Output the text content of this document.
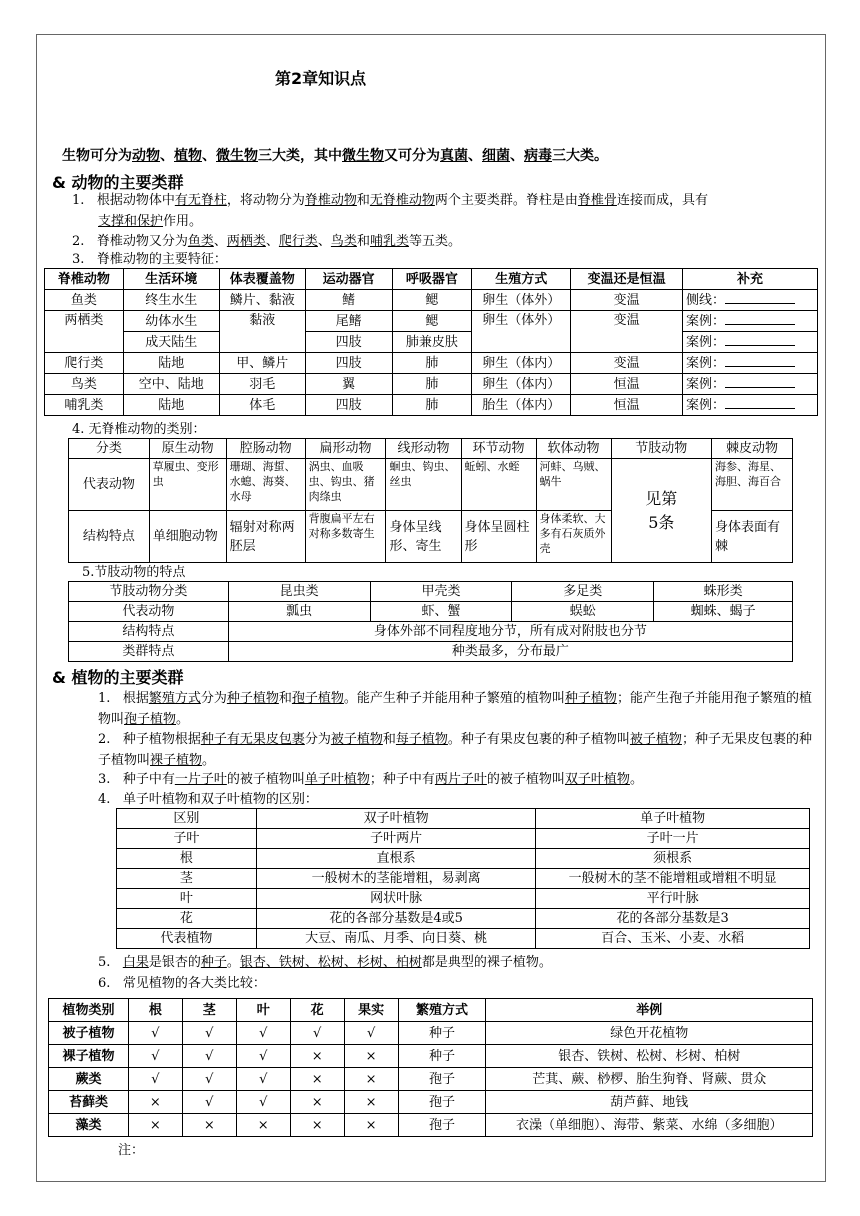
第2章知识点
生物可分为动物、植物、微生物三大类，其中微生物又可分为真菌、细菌、病毒三大类。
& 动物的主要类群
1. 根据动物体中有无脊柱，将动物分为脊椎动物和无脊椎动物两个主要类群。脊柱是由脊椎骨连接而成，具有
支撑和保护作用。
2. 脊椎动物又分为鱼类、两栖类、爬行类、鸟类和哺乳类等五类。
3. 脊椎动物的主要特征：
脊椎动物	生活环境	体表覆盖物	运动器官	呼吸器官	生殖方式	变温还是恒温	补充
鱼类	终生水生	鳞片、黏液	鳍	鳃	卵生（体外）	变温	侧线：
两栖类	幼体水生	黏液	尾鳍	鳃	卵生（体外）	变温	案例：
	成天陆生		四肢	肺兼皮肤			案例：
爬行类	陆地	甲、鳞片	四肢	肺	卵生（体内）	变温	案例：
鸟类	空中、陆地	羽毛	翼	肺	卵生（体内）	恒温	案例：
哺乳类	陆地	体毛	四肢	肺	胎生（体内）	恒温	案例：
4. 无脊椎动物的类别：
分类	原生动物	腔肠动物	扁形动物	线形动物	环节动物	软体动物	节肢动物	棘皮动物
代表动物	草履虫、变形虫	珊瑚、海蜇、水螅、海葵、水母	涡虫、血吸虫、钩虫、猪肉绦虫	蛔虫、钩虫、丝虫	蚯蚓、水蛭	河蚌、乌贼、蜗牛	见第5条	海参、海星、海胆、海百合
结构特点	单细胞动物	辐射对称两胚层	背腹扁平左右对称多数寄生	身体呈线形、寄生	身体呈圆柱形	身体柔软、大多有石灰质外壳		身体表面有棘
5.节肢动物的特点
节肢动物分类	昆虫类	甲壳类	多足类	蛛形类
代表动物	瓢虫	虾、蟹	蜈蚣	蜘蛛、蝎子
结构特点	身体外部不同程度地分节，所有成对附肢也分节			
类群特点	种类最多，分布最广			
& 植物的主要类群
1. 根据繁殖方式分为种子植物和孢子植物。能产生种子并能用种子繁殖的植物叫种子植物；能产生孢子并能用孢子繁殖的植物叫孢子植物。
2. 种子植物根据种子有无果皮包裹分为被子植物和每子植物。种子有果皮包裹的种子植物叫被子植物；种子无果皮包裹的种子植物叫裸子植物。
3. 种子中有一片子叶的被子植物叫单子叶植物；种子中有两片子叶的被子植物叫双子叶植物。
4. 单子叶植物和双子叶植物的区别：
区别	双子叶植物	单子叶植物
子叶	子叶两片	子叶一片
根	直根系	须根系
茎	一般树木的茎能增粗，易剥离	一般树木的茎不能增粗或增粗不明显
叶	网状叶脉	平行叶脉
花	花的各部分基数是4或5	花的各部分基数是3
代表植物	大豆、南瓜、月季、向日葵、桃	百合、玉米、小麦、水稻
5. 白果是银杏的种子。银杏、铁树、松树、杉树、柏树都是典型的裸子植物。
6. 常见植物的各大类比较：
植物类别	根	茎	叶	花	果实	繁殖方式	举例
被子植物	√	√	√	√	√	种子	绿色开花植物
裸子植物	√	√	√	×	×	种子	银杏、铁树、松树、杉树、柏树
蕨类	√	√	√	×	×	孢子	芒萁、蕨、桫椤、胎生狗脊、肾蕨、贯众
苔藓类	×	√	√	×	×	孢子	葫芦藓、地钱
藻类	×	×	×	×	×	孢子	衣澡（单细胞）、海带、紫菜、水绵（多细胞）
注：
